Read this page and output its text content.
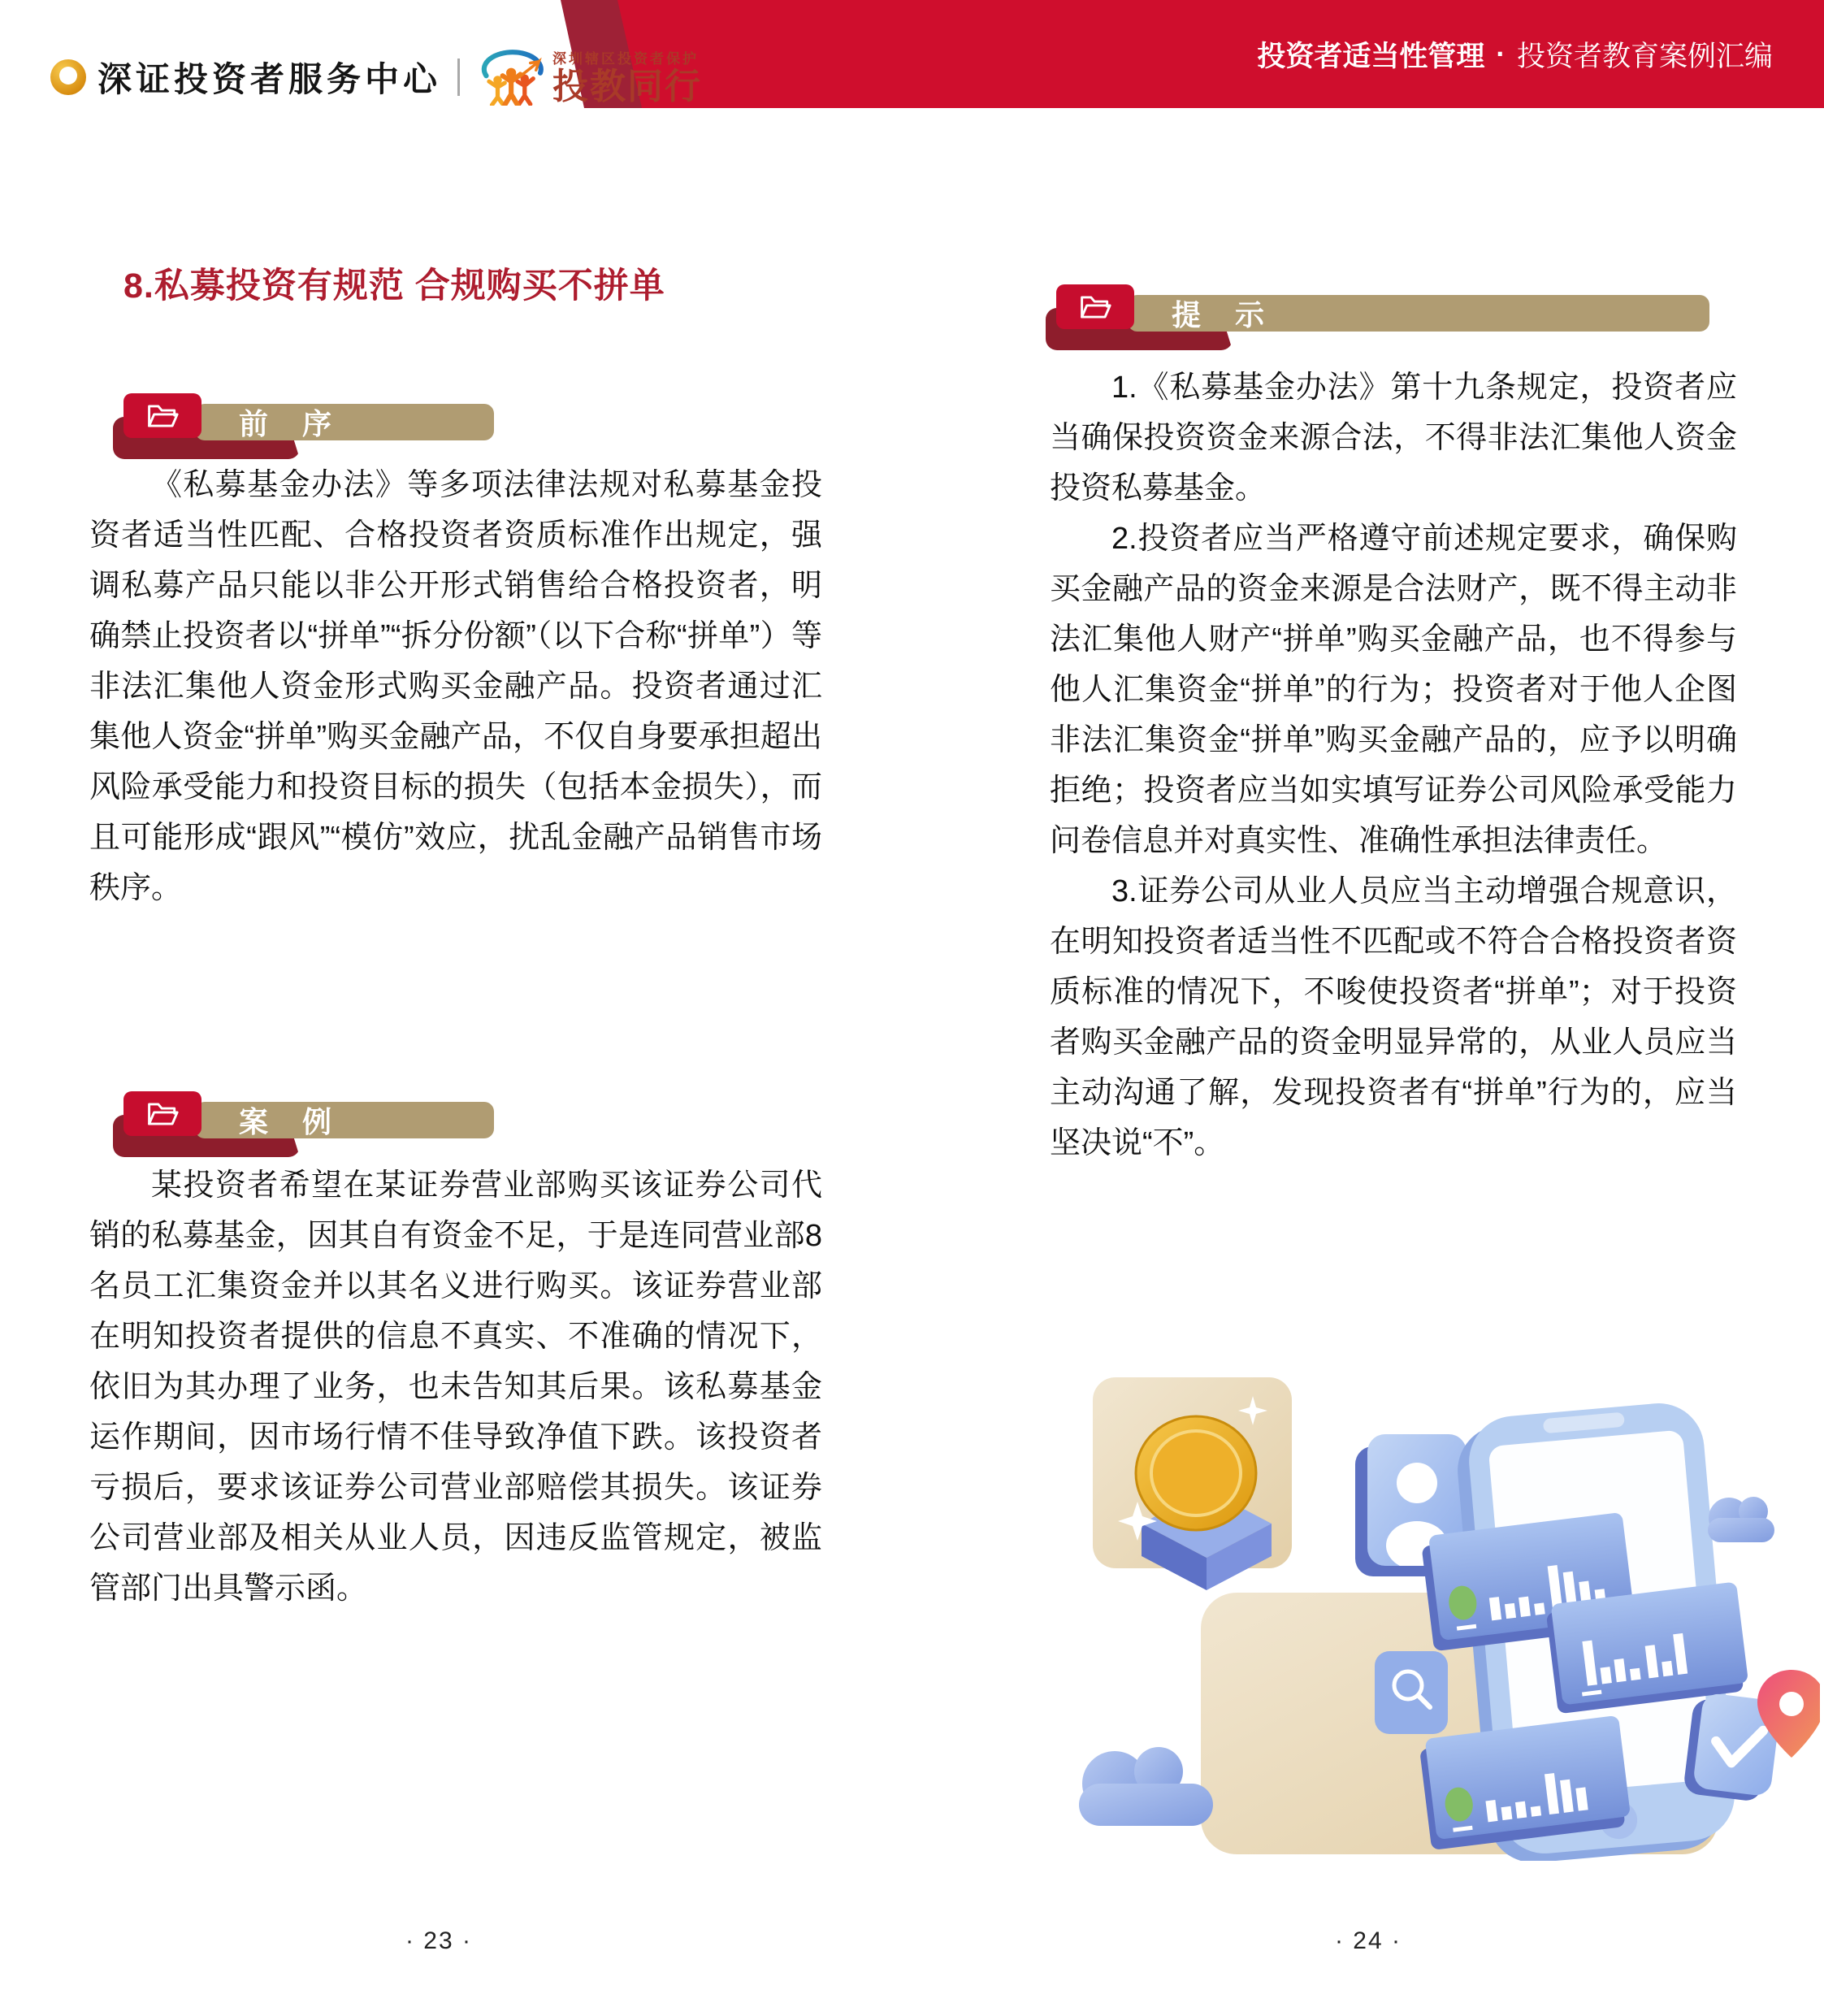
投资者适当性管理 · 投资者教育案例汇编
深证投资者服务中心
深圳辖区投资者保护
投教同行
8.私募投资有规范 合规购买不拼单
前 序

《私募基金办法》等多项法律法规对私募基金投资者适当性匹配、合格投资者资质标准作出规定，强调私募产品只能以非公开形式销售给合格投资者，明确禁止投资者以“拼单”“拆分份额”（以下合称“拼单”）等非法汇集他人资金形式购买金融产品。投资者通过汇集他人资金“拼单”购买金融产品，不仅自身要承担超出风险承受能力和投资目标的损失（包括本金损失），而且可能形成“跟风”“模仿”效应，扰乱金融产品销售市场秩序。

案 例

某投资者希望在某证券营业部购买该证券公司代销的私募基金，因其自有资金不足，于是连同营业部8名员工汇集资金并以其名义进行购买。该证券营业部在明知投资者提供的信息不真实、不准确的情况下，依旧为其办理了业务，也未告知其后果。该私募基金运作期间，因市场行情不佳导致净值下跌。该投资者亏损后，要求该证券公司营业部赔偿其损失。该证券公司营业部及相关从业人员，因违反监管规定，被监管部门出具警示函。

· 23 ·
提 示

1.《私募基金办法》第十九条规定，投资者应当确保投资资金来源合法，不得非法汇集他人资金投资私募基金。

2.投资者应当严格遵守前述规定要求，确保购买金融产品的资金来源是合法财产，既不得主动非法汇集他人财产“拼单”购买金融产品，也不得参与他人汇集资金“拼单”的行为；投资者对于他人企图非法汇集资金“拼单”购买金融产品的，应予以明确拒绝；投资者应当如实填写证券公司风险承受能力问卷信息并对真实性、准确性承担法律责任。

3.证券公司从业人员应当主动增强合规意识，在明知投资者适当性不匹配或不符合合格投资者资质标准的情况下，不唆使投资者“拼单”；对于投资者购买金融产品的资金明显异常的，从业人员应当主动沟通了解，发现投资者有“拼单”行为的，应当坚决说“不”。

· 24 ·
